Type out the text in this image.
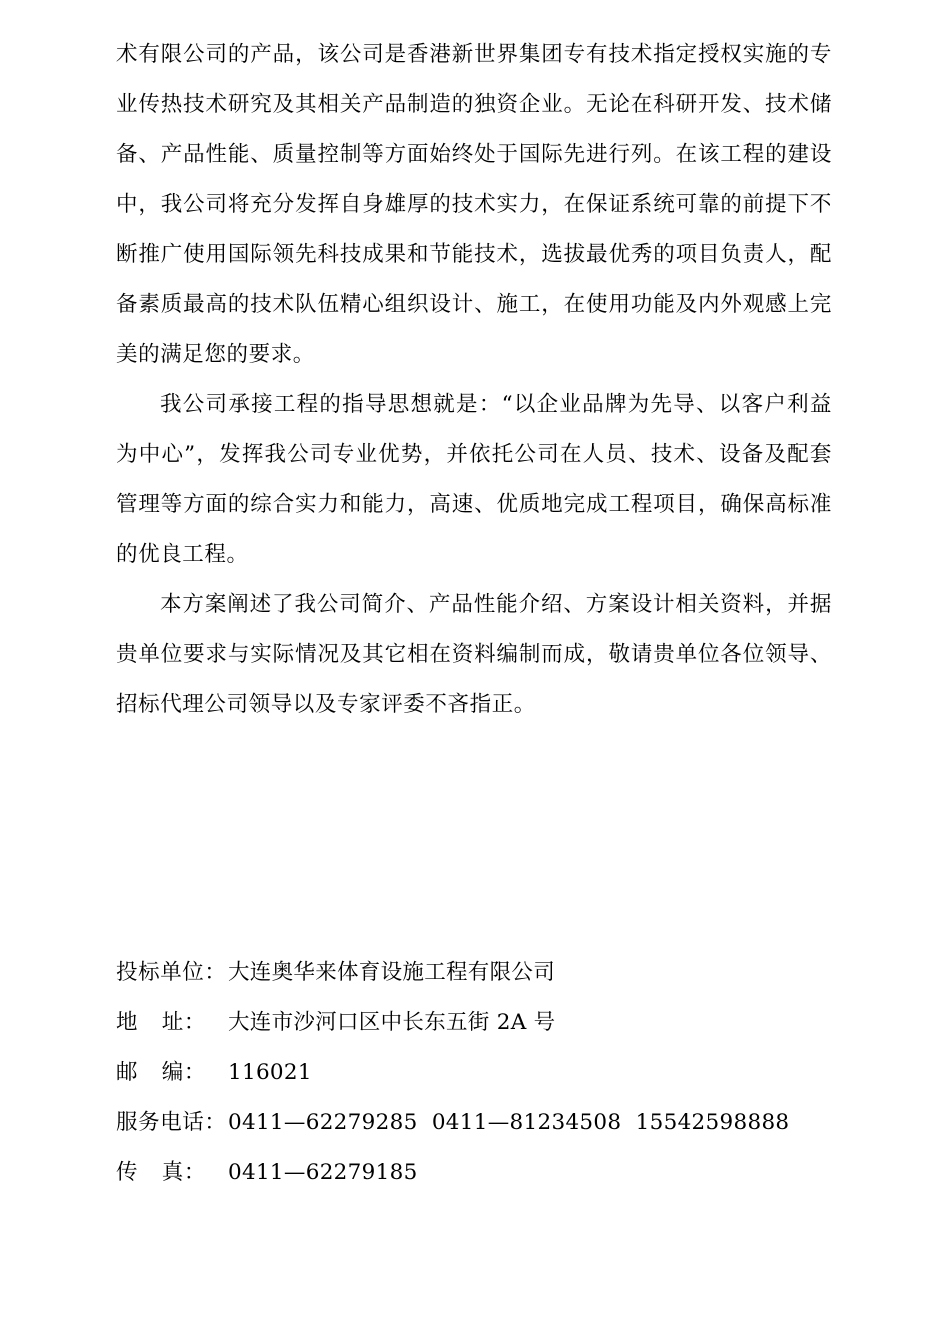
术有限公司的产品，该公司是香港新世界集团专有技术指定授权实施的专业传热技术研究及其相关产品制造的独资企业。无论在科研开发、技术储备、产品性能、质量控制等方面始终处于国际先进行列。在该工程的建设中，我公司将充分发挥自身雄厚的技术实力，在保证系统可靠的前提下不断推广使用国际领先科技成果和节能技术，选拔最优秀的项目负责人，配备素质最高的技术队伍精心组织设计、施工，在使用功能及内外观感上完美的满足您的要求。

我公司承接工程的指导思想就是：“以企业品牌为先导、以客户利益为中心”，发挥我公司专业优势，并依托公司在人员、技术、设备及配套管理等方面的综合实力和能力，高速、优质地完成工程项目，确保高标准的优良工程。

本方案阐述了我公司简介、产品性能介绍、方案设计相关资料，并据贵单位要求与实际情况及其它相在资料编制而成，敬请贵单位各位领导、招标代理公司领导以及专家评委不吝指正。

投标单位： 大连奥华来体育设施工程有限公司
地 址： 大连市沙河口区中长东五街 2A 号
邮 编： 116021
服务电话： 0411—62279285  0411—81234508  15542598888
传 真： 0411—62279185
